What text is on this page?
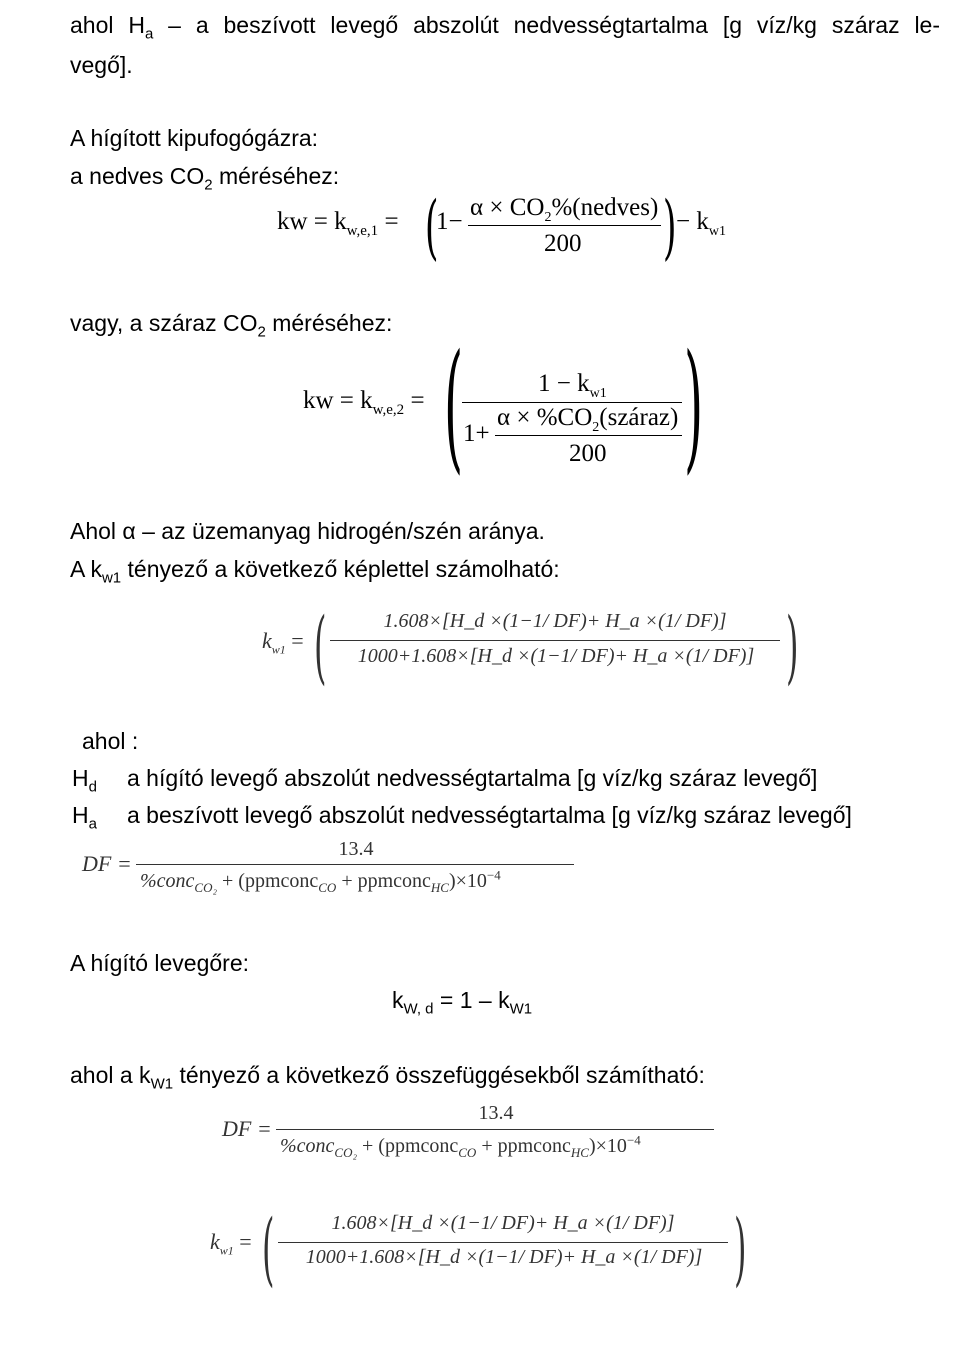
ahol $H_a$ – a beszívott levegő abszolút nedvességtartalma [g víz/kg száraz le-
vegő].
A hígított kipufogógázra:
a nedves $CO_2$ méréséhez:
kw = $k_{w,e,1}$ = (
1−
$\alpha \times CO_2\%(nedves)$
200 ) − $k_{w1}$
vagy, a száraz $CO_2$ méréséhez:
kw = $k_{w,e,2}$ = (	$1 - k_{w1}$
1+
$\alpha \times \%CO_2(száraz)$
200 )
Ahol α – az üzemanyag hidrogén/szén aránya.
A $k_{w1}$ tényező a következő képlettel számolható:
$k_{w1}$ = (	1.608×[H_d ×(1−1/ DF)+ H_a ×(1/ DF)]
1000+1.608×[H_d ×(1−1/ DF)+ H_a ×(1/ DF)] )
ahol :
$H_d$ a hígító levegő abszolút nedvességtartalma [g víz/kg száraz levegő]
$H_a$ a beszívott levegő abszolút nedvességtartalma [g víz/kg száraz levegő]
DF =
13.4
%conc$_{CO_2}$ + (ppmconc$_{CO}$ + $ppmconc_{HC})\times 10^{-4}$
A hígító levegőre:
$k_{W, d} = 1 - k_{W1}$
ahol a $k_{W1}$ tényező a következő összefüggésekből számítható:
DF =
13.4
%conc$_{CO_2}$ + (ppmconc$_{CO}$ + $ppmconc_{HC})\times 10^{-4}$
$k_{w1}$ = (	1.608×[H_d ×(1−1/ DF)+ H_a ×(1/ DF)]
1000+1.608×[H_d ×(1−1/ DF)+ H_a ×(1/ DF)] )
